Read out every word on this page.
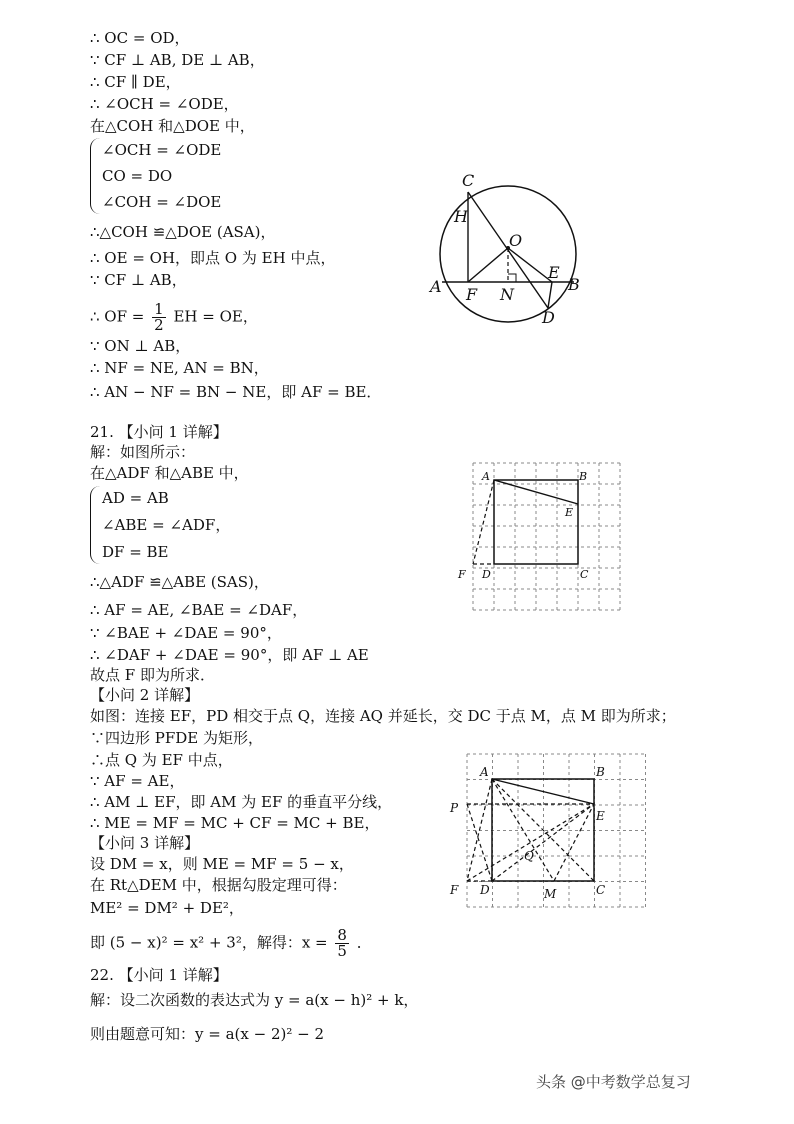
∴ OC = OD，
∵ CF ⊥ AB, DE ⊥ AB，
∴ CF ∥ DE，
∴ ∠OCH = ∠ODE，
在△COH 和△DOE 中，
∠OCH = ∠ODE
CO = DO
∠COH = ∠DOE
∴△COH ≌△DOE (ASA)，
∴ OE = OH，即点 O 为 EH 中点，
∵ CF ⊥ AB，
∴ OF = $\frac{1}{2}$ EH = OE，
∵ ON ⊥ AB，
∴ NF = NE, AN = BN，
∴ AN − NF = BN − NE，即 AF = BE．
C
H
O
A F N
E
B
D
21. 【小问 1 详解】
解：如图所示：
在△ADF 和△ABE 中，
AD = AB
∠ABE = ∠ADF，
DF = BE
∴△ADF ≌△ABE (SAS)，
∴ AF = AE, ∠BAE = ∠DAF，
∵ ∠BAE + ∠DAE = 90°，
∴ ∠DAF + ∠DAE = 90°，即 AF ⊥ AE
故点 F 即为所求．
【小问 2 详解】
如图：连接 EF，PD 相交于点 Q，连接 AQ 并延长，交 DC 于点 M，点 M 即为所求；
∵四边形 PFDE 为矩形，
∴点 Q 为 EF 中点，
∵ AF = AE，
∴ AM ⊥ EF，即 AM 为 EF 的垂直平分线，
∴ ME = MF = MC + CF = MC + BE，
【小问 3 详解】
设 DM = x，则 ME = MF = 5 − x，
在 Rt△DEM 中，根据勾股定理可得：
ME² = DM² + DE²，
即 (5 − x)² = x² + 3²，解得：$x = \frac{8}{5}$ ．
A	B
E
F D	C
A	B
P
E
Q
F D	M	C
22. 【小问 1 详解】
解：设二次函数的表达式为 y = a(x − h)² + k，
则由题意可知：y = a(x − 2)² − 2
头条 @中考数学总复习
